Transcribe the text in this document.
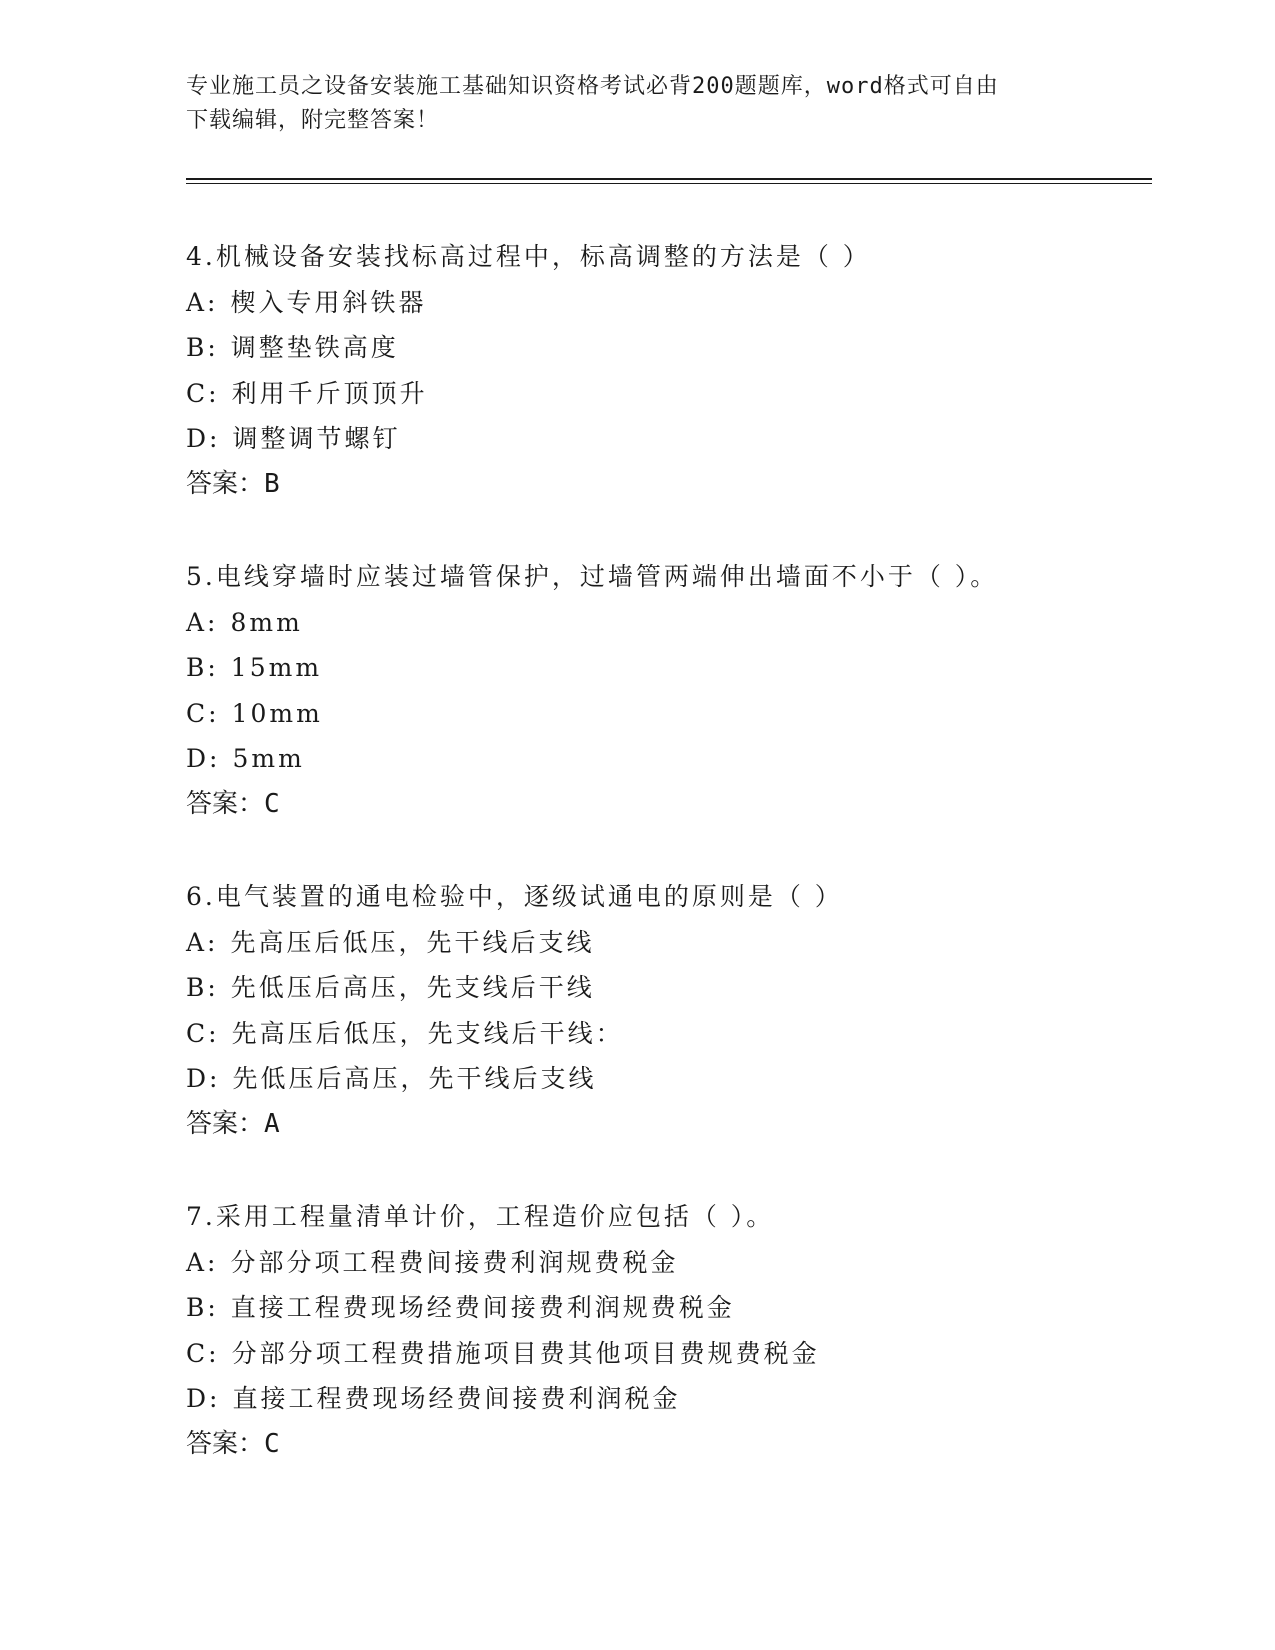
专业施工员之设备安装施工基础知识资格考试必背200题题库，word格式可自由
下载编辑，附完整答案！
4.机械设备安装找标高过程中，标高调整的方法是（ ）
A: 楔入专用斜铁器
B: 调整垫铁高度
C: 利用千斤顶顶升
D: 调整调节螺钉
答案：B
5.电线穿墙时应装过墙管保护，过墙管两端伸出墙面不小于（ ）。
A: 8mm
B: 15mm
C: 10mm
D: 5mm
答案：C
6.电气装置的通电检验中，逐级试通电的原则是（ ）
A: 先高压后低压，先干线后支线
B: 先低压后高压，先支线后干线
C: 先高压后低压，先支线后干线：
D: 先低压后高压，先干线后支线
答案：A
7.采用工程量清单计价，工程造价应包括（ ）。
A: 分部分项工程费间接费利润规费税金
B: 直接工程费现场经费间接费利润规费税金
C: 分部分项工程费措施项目费其他项目费规费税金
D: 直接工程费现场经费间接费利润税金
答案：C
